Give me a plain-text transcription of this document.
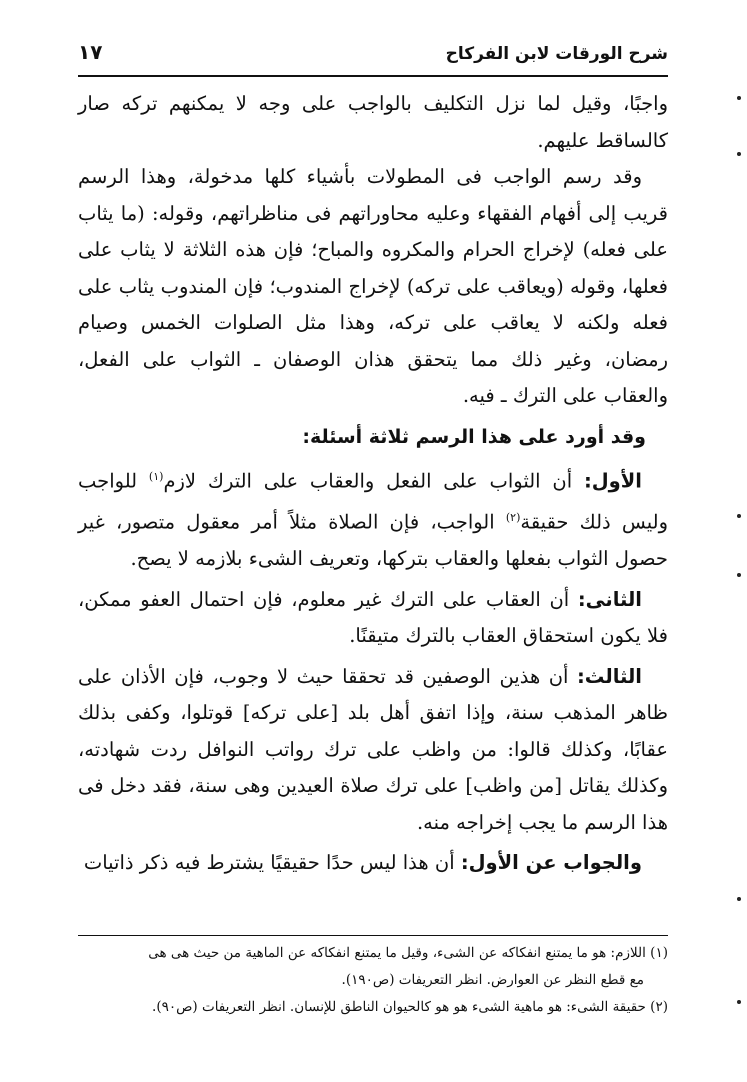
شرح الورقات لابن الفركاح
١٧

واجبًا، وقيل لما نزل التكليف بالواجب على وجه لا يمكنهم تركه صار كالساقط عليهم.

وقد رسم الواجب فى المطولات بأشياء كلها مدخولة، وهذا الرسم قريب إلى أفهام الفقهاء وعليه محاوراتهم فى مناظراتهم، وقوله: (ما يثاب على فعله) لإخراج الحرام والمكروه والمباح؛ فإن هذه الثلاثة لا يثاب على فعلها، وقوله (ويعاقب على تركه) لإخراج المندوب؛ فإن المندوب يثاب على فعله ولكنه لا يعاقب على تركه، وهذا مثل الصلوات الخمس وصيام رمضان، وغير ذلك مما يتحقق هذان الوصفان ـ الثواب على الفعل، والعقاب على الترك ـ فيه.

وقد أورد على هذا الرسم ثلاثة أسئلة:

الأول: أن الثواب على الفعل والعقاب على الترك لازم$^{(١)}$ للواجب وليس ذلك حقيقة$^{(٢)}$ الواجب، فإن الصلاة مثلاً أمر معقول متصور، غير حصول الثواب بفعلها والعقاب بتركها، وتعريف الشىء بلازمه لا يصح.

الثانى: أن العقاب على الترك غير معلوم، فإن احتمال العفو ممكن، فلا يكون استحقاق العقاب بالترك متيقنًا.

الثالث: أن هذين الوصفين قد تحققا حيث لا وجوب، فإن الأذان على ظاهر المذهب سنة، وإذا اتفق أهل بلد [على تركه] قوتلوا، وكفى بذلك عقابًا، وكذلك قالوا: من واظب على ترك رواتب النوافل ردت شهادته، وكذلك يقاتل [من واظب] على ترك صلاة العيدين وهى سنة، فقد دخل فى هذا الرسم ما يجب إخراجه منه.

والجواب عن الأول: أن هذا ليس حدًا حقيقيًا يشترط فيه ذكر ذاتيات

(١) اللازم: هو ما يمتنع انفكاكه عن الشىء، وقيل ما يمتنع انفكاكه عن الماهية من حيث هى هى

مع قطع النظر عن العوارض. انظر التعريفات (ص١٩٠).

(٢) حقيقة الشىء: هو ماهية الشىء هو هو كالحيوان الناطق للإنسان. انظر التعريفات (ص٩٠).
